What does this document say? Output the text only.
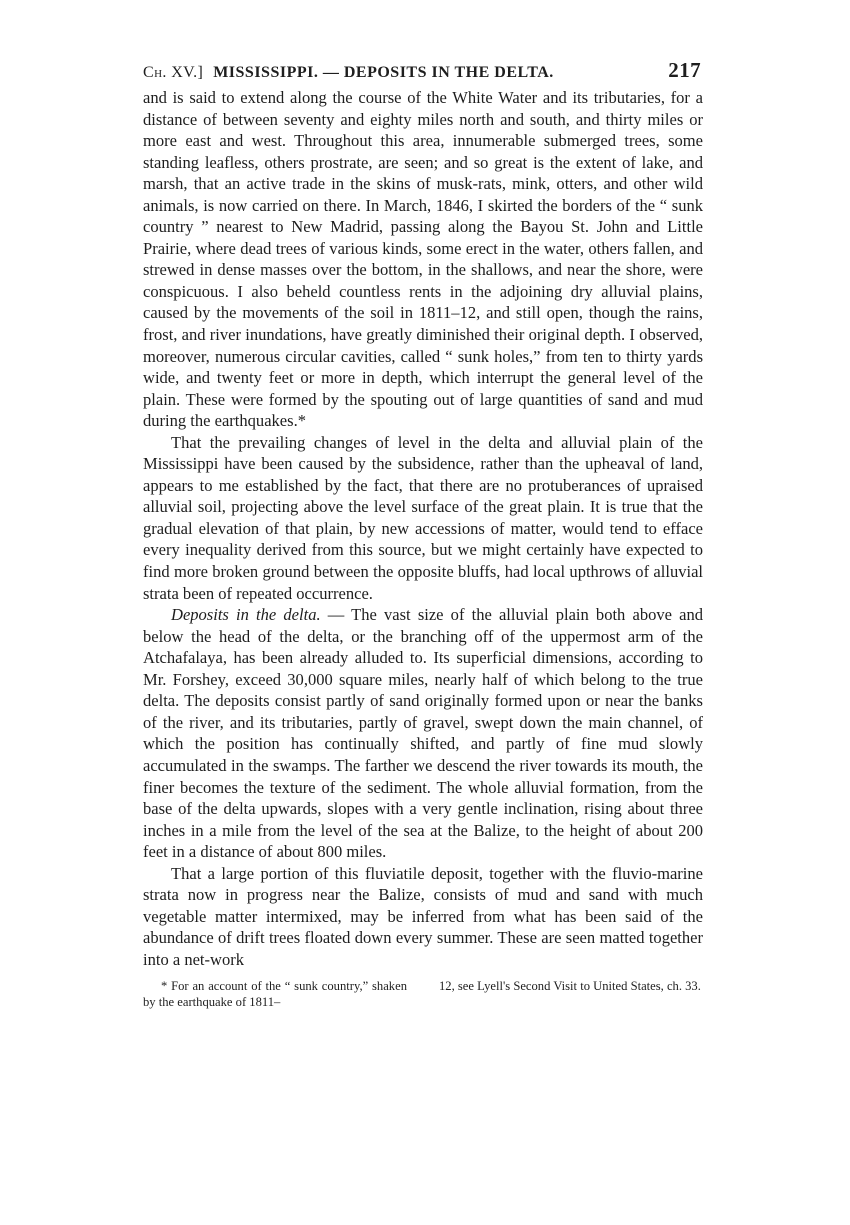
Ch. XV.] MISSISSIPPI. — DEPOSITS IN THE DELTA.	217

and is said to extend along the course of the White Water and its tributaries, for a distance of between seventy and eighty miles north and south, and thirty miles or more east and west. Throughout this area, innumerable submerged trees, some standing leafless, others prostrate, are seen; and so great is the extent of lake, and marsh, that an active trade in the skins of musk-rats, mink, otters, and other wild animals, is now carried on there. In March, 1846, I skirted the borders of the “ sunk country ” nearest to New Madrid, passing along the Bayou St. John and Little Prairie, where dead trees of various kinds, some erect in the water, others fallen, and strewed in dense masses over the bottom, in the shallows, and near the shore, were conspicuous. I also beheld countless rents in the adjoining dry alluvial plains, caused by the movements of the soil in 1811–12, and still open, though the rains, frost, and river inundations, have greatly diminished their original depth. I observed, moreover, numerous circular cavities, called “ sunk holes,” from ten to thirty yards wide, and twenty feet or more in depth, which interrupt the general level of the plain. These were formed by the spouting out of large quantities of sand and mud during the earthquakes.*

That the prevailing changes of level in the delta and alluvial plain of the Mississippi have been caused by the subsidence, rather than the upheaval of land, appears to me established by the fact, that there are no protuberances of upraised alluvial soil, projecting above the level surface of the great plain. It is true that the gradual elevation of that plain, by new accessions of matter, would tend to efface every inequality derived from this source, but we might certainly have expected to find more broken ground between the opposite bluffs, had local upthrows of alluvial strata been of repeated occurrence.

Deposits in the delta. — The vast size of the alluvial plain both above and below the head of the delta, or the branching off of the uppermost arm of the Atchafalaya, has been already alluded to. Its superficial dimensions, according to Mr. Forshey, exceed 30,000 square miles, nearly half of which belong to the true delta. The deposits consist partly of sand originally formed upon or near the banks of the river, and its tributaries, partly of gravel, swept down the main channel, of which the position has continually shifted, and partly of fine mud slowly accumulated in the swamps. The farther we descend the river towards its mouth, the finer becomes the texture of the sediment. The whole alluvial formation, from the base of the delta upwards, slopes with a very gentle inclination, rising about three inches in a mile from the level of the sea at the Balize, to the height of about 200 feet in a distance of about 800 miles.

That a large portion of this fluviatile deposit, together with the fluvio-marine strata now in progress near the Balize, consists of mud and sand with much vegetable matter intermixed, may be inferred from what has been said of the abundance of drift trees floated down every summer. These are seen matted together into a net-work

* For an account of the “ sunk country,” shaken by the earthquake of 1811–
12, see Lyell's Second Visit to United States, ch. 33.
